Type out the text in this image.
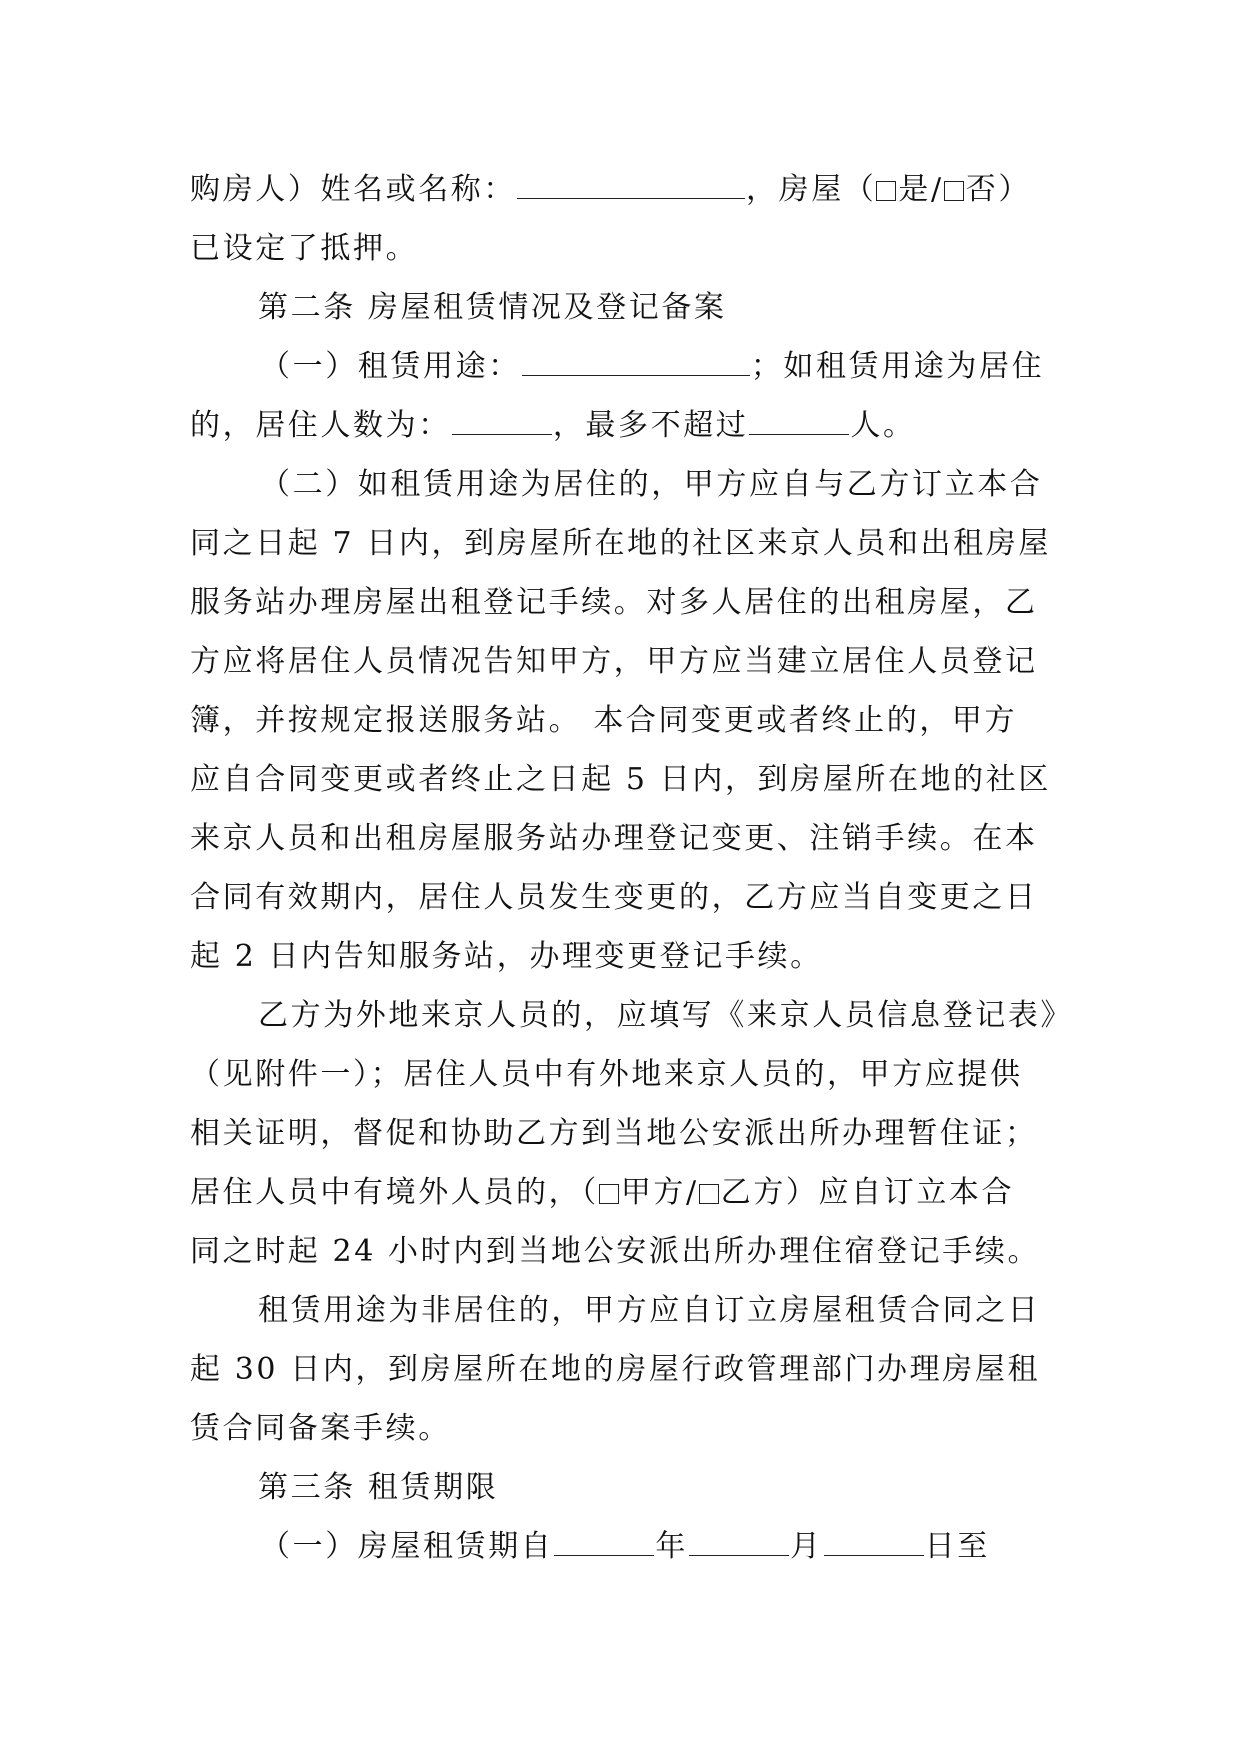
购房人）姓名或名称：	，房屋（ 是/ 否）
已设定了抵押。
第二条 房屋租赁情况及登记备案
（一）租赁用途：	；如租赁用途为居住
的，居住人数为：	，最多不超过	人。
（二）如租赁用途为居住的，甲方应自与乙方订立本合
同之日起 7 日内，到房屋所在地的社区来京人员和出租房屋
服务站办理房屋出租登记手续。对多人居住的出租房屋，乙
方应将居住人员情况告知甲方，甲方应当建立居住人员登记
簿，并按规定报送服务站。 本合同变更或者终止的，甲方
应自合同变更或者终止之日起 5 日内，到房屋所在地的社区
来京人员和出租房屋服务站办理登记变更、注销手续。在本
合同有效期内，居住人员发生变更的，乙方应当自变更之日
起 2 日内告知服务站，办理变更登记手续。
乙方为外地来京人员的，应填写《来京人员信息登记表》
（见附件一）；居住人员中有外地来京人员的，甲方应提供
相关证明，督促和协助乙方到当地公安派出所办理暂住证；
居住人员中有境外人员的，（ 甲方/ 乙方）应自订立本合
同之时起 24 小时内到当地公安派出所办理住宿登记手续。
租赁用途为非居住的，甲方应自订立房屋租赁合同之日
起 30 日内，到房屋所在地的房屋行政管理部门办理房屋租
赁合同备案手续。
第三条 租赁期限
（一）房屋租赁期自	年	月	日至
